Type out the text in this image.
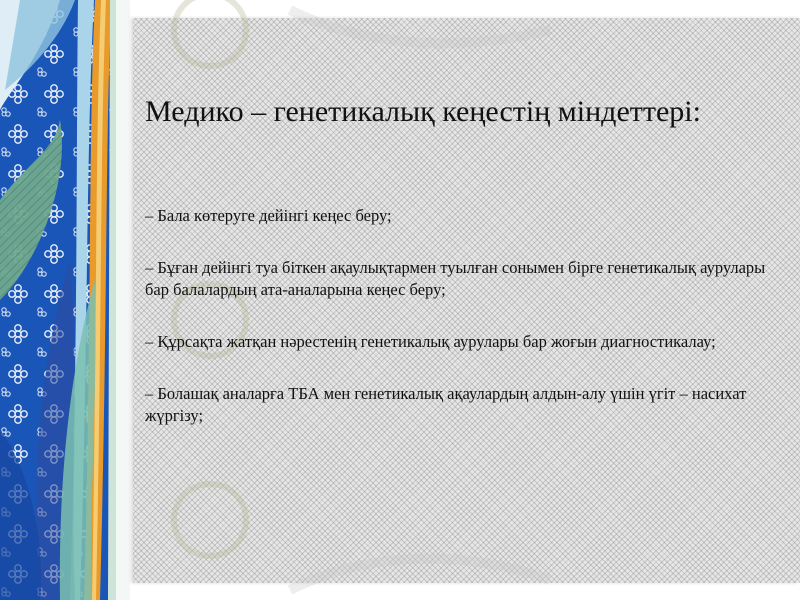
Медико – генетикалық кеңестің міндеттері:
– Бала көтеруге дейінгі кеңес беру;
– Бұған дейінгі туа біткен ақаулықтармен туылған сонымен бірге генетикалық аурулары бар балалардың ата-аналарына кеңес беру;
– Құрсақта жатқан нәрестенің генетикалық аурулары бар жоғын диагностикалау;
– Болашақ аналарға ТБА мен генетикалық ақаулардың алдын-алу үшін үгіт – насихат жүргізу;
